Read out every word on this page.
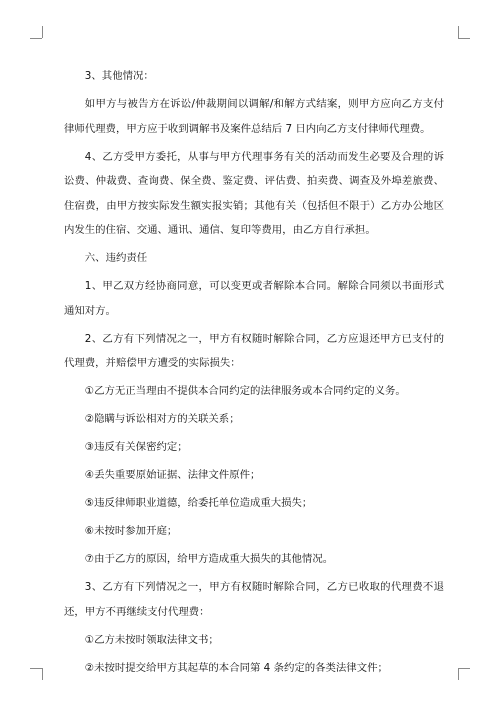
3、其他情况：

如甲方与被告方在诉讼/仲裁期间以调解/和解方式结案，则甲方应向乙方支付律师代理费，甲方应于收到调解书及案件总结后 7 日内向乙方支付律师代理费。

4、乙方受甲方委托，从事与甲方代理事务有关的活动而发生必要及合理的诉讼费、仲裁费、查询费、保全费、鉴定费、评估费、拍卖费、调查及外埠差旅费、住宿费，由甲方按实际发生额实报实销；其他有关（包括但不限于）乙方办公地区内发生的住宿、交通、通讯、通信、复印等费用，由乙方自行承担。

六、违约责任

1、甲乙双方经协商同意，可以变更或者解除本合同。解除合同须以书面形式通知对方。

2、乙方有下列情况之一，甲方有权随时解除合同，乙方应退还甲方已支付的代理费，并赔偿甲方遭受的实际损失：

①乙方无正当理由不提供本合同约定的法律服务或本合同约定的义务。

②隐瞒与诉讼相对方的关联关系；

③违反有关保密约定；

④丢失重要原始证据、法律文件原件；

⑤违反律师职业道德，给委托单位造成重大损失；

⑥未按时参加开庭；

⑦由于乙方的原因，给甲方造成重大损失的其他情况。

3、乙方有下列情况之一，甲方有权随时解除合同，乙方已收取的代理费不退还，甲方不再继续支付代理费：

①乙方未按时领取法律文书；

②未按时提交给甲方其起草的本合同第 4 条约定的各类法律文件；
